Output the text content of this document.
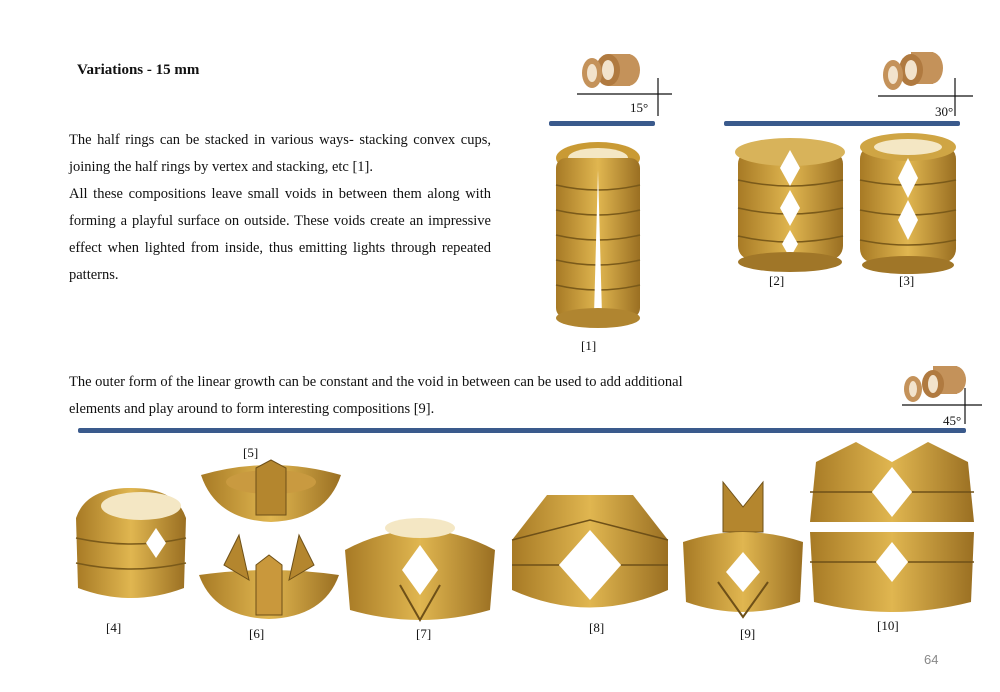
Variations - 15 mm

The half rings can be stacked in various ways- stacking convex cups, joining the half rings by vertex and stacking, etc [1].

All these compositions leave small voids in between them along with forming a playful surface on outside. These voids create an impressive effect when lighted from inside, thus emitting lights through repeated patterns.

The outer form of the linear growth can be constant and the void in between can be used to add additional elements and play around to form interesting compositions [9].

15°	30°
45°
[1]
[2]	[3]
[4]
[5]
[6]	[7]	[8]	[9]
[10]
64
